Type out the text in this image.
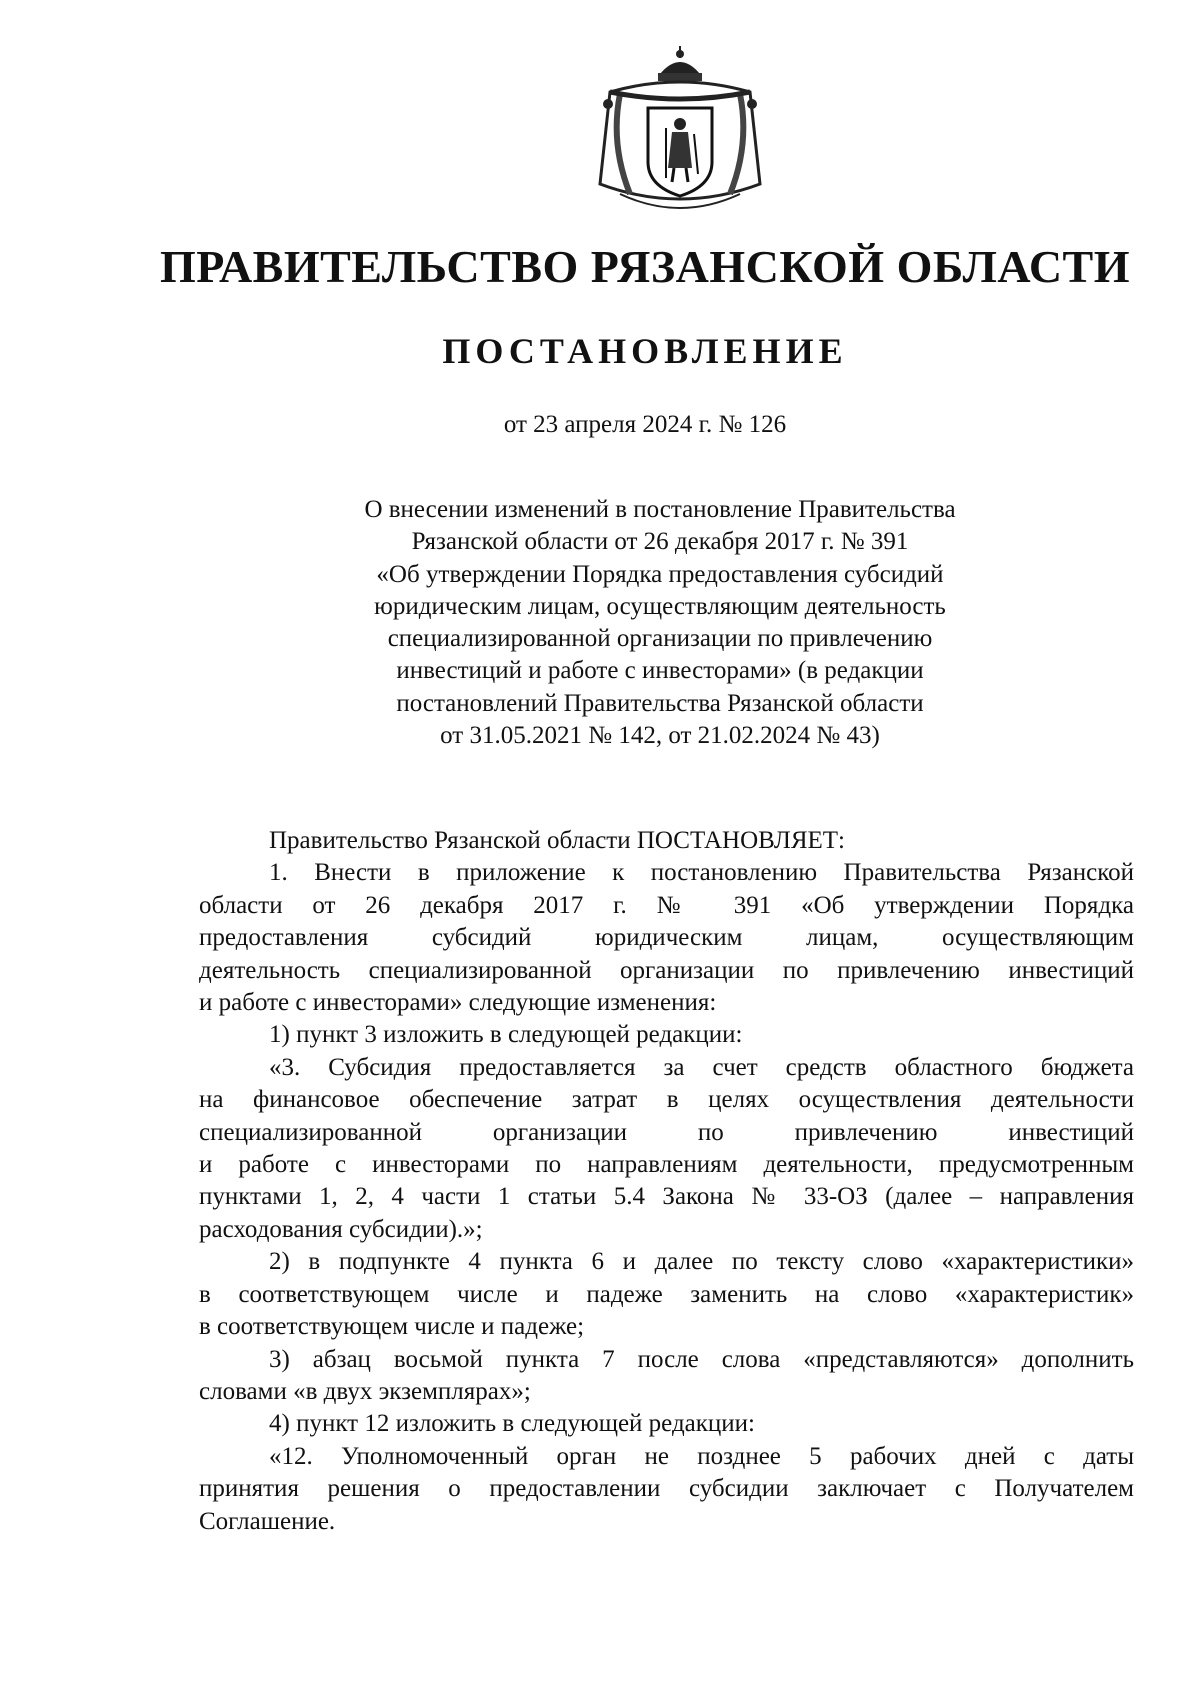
ПРАВИТЕЛЬСТВО РЯЗАНСКОЙ ОБЛАСТИ
ПОСТАНОВЛЕНИЕ
от 23 апреля 2024 г. № 126
О внесении изменений в постановление Правительства
Рязанской области от 26 декабря 2017 г. № 391
«Об утверждении Порядка предоставления субсидий
юридическим лицам, осуществляющим деятельность
специализированной организации по привлечению
инвестиций и работе с инвесторами» (в редакции
постановлений Правительства Рязанской области
от 31.05.2021 № 142, от 21.02.2024 № 43)

Правительство Рязанской области ПОСТАНОВЛЯЕТ:

1. Внести в приложение к постановлению Правительства Рязанской
области от 26 декабря 2017 г. № 391 «Об утверждении Порядка
предоставления субсидий юридическим лицам, осуществляющим
деятельность специализированной организации по привлечению инвестиций
и работе с инвесторами» следующие изменения:

1) пункт 3 изложить в следующей редакции:

«3. Субсидия предоставляется за счет средств областного бюджета
на финансовое обеспечение затрат в целях осуществления деятельности
специализированной организации по привлечению инвестиций
и работе с инвесторами по направлениям деятельности, предусмотренным
пунктами 1, 2, 4 части 1 статьи 5.4 Закона № 33-ОЗ (далее – направления
расходования субсидии).»;

2) в подпункте 4 пункта 6 и далее по тексту слово «характеристики»
в соответствующем числе и падеже заменить на слово «характеристик»
в соответствующем числе и падеже;

3) абзац восьмой пункта 7 после слова «представляются» дополнить
словами «в двух экземплярах»;

4) пункт 12 изложить в следующей редакции:

«12. Уполномоченный орган не позднее 5 рабочих дней с даты
принятия решения о предоставлении субсидии заключает с Получателем
Соглашение.
